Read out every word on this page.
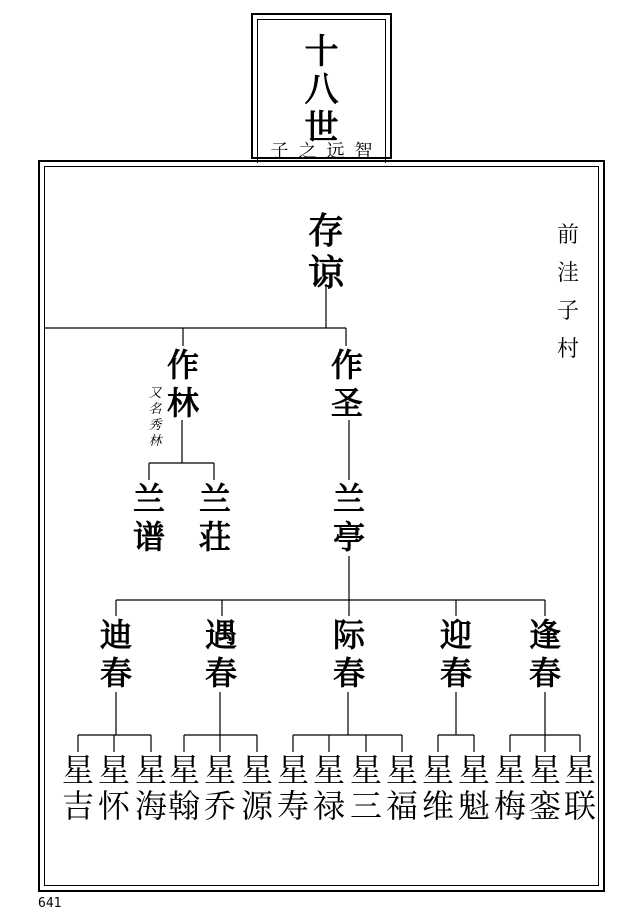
十
八
世
子之远智
前
洼
子
村
存
谅
作
林
又
名
秀
林
作
圣
兰
谱
兰
荘
兰
亭
迪
春
遇
春
际
春
迎
春
逢
春
星
吉
星
怀
星
海
星
翰
星
乔
星
源
星
寿
星
禄
星
三
星
福
星
维
星
魁
星
梅
星
銮
星
联
641
